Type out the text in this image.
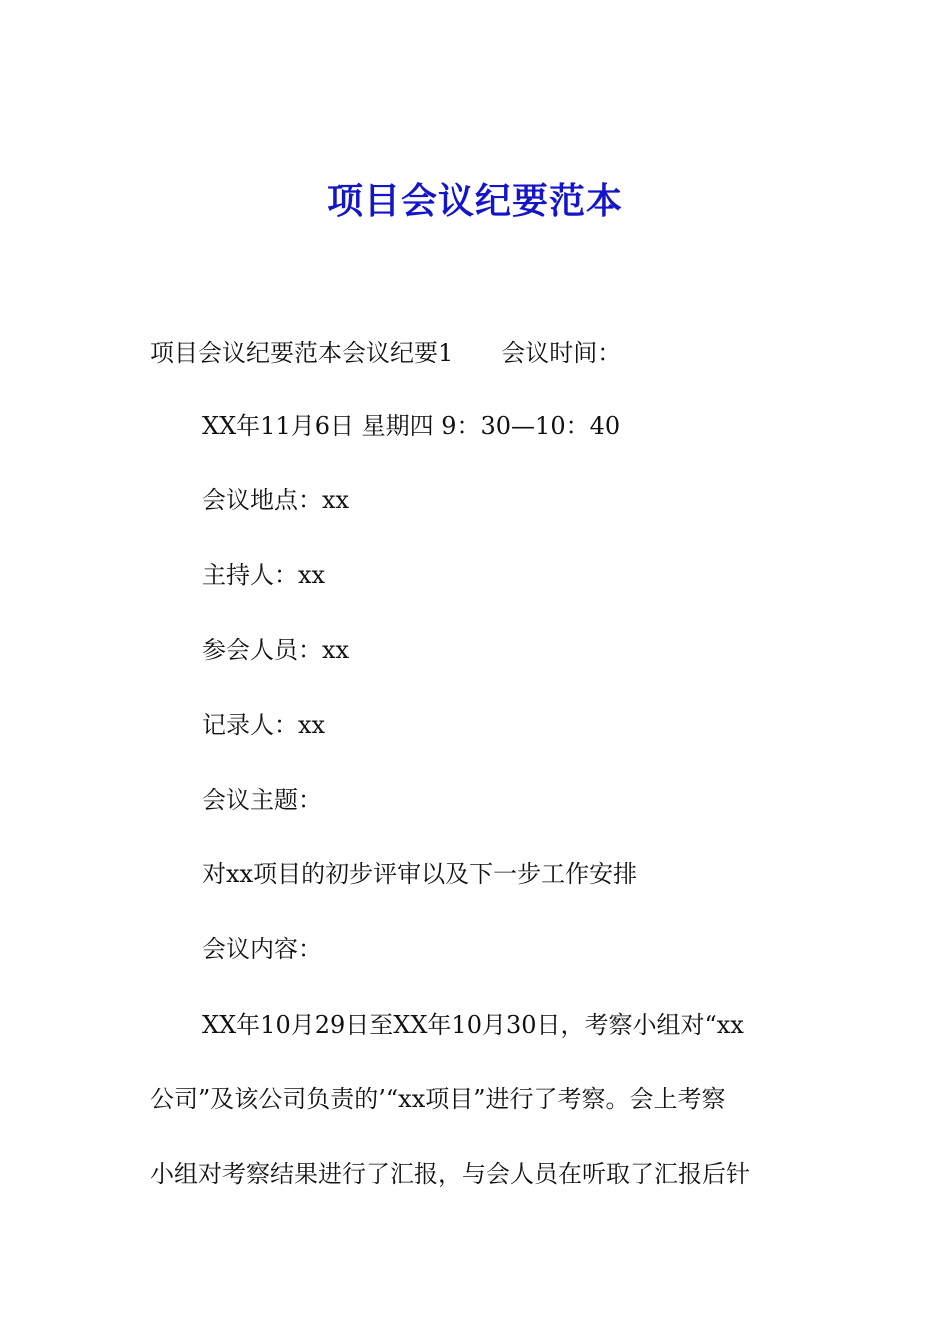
项目会议纪要范本
项目会议纪要范本会议纪要1　　会议时间：
XX年11月6日 星期四 9：30—10：40
会议地点：xx
主持人：xx
参会人员：xx
记录人：xx
会议主题：
对xx项目的初步评审以及下一步工作安排
会议内容：
XX年10月29日至XX年10月30日，考察小组对“xx
公司”及该公司负责的’“xx项目”进行了考察。会上考察
小组对考察结果进行了汇报，与会人员在听取了汇报后针
